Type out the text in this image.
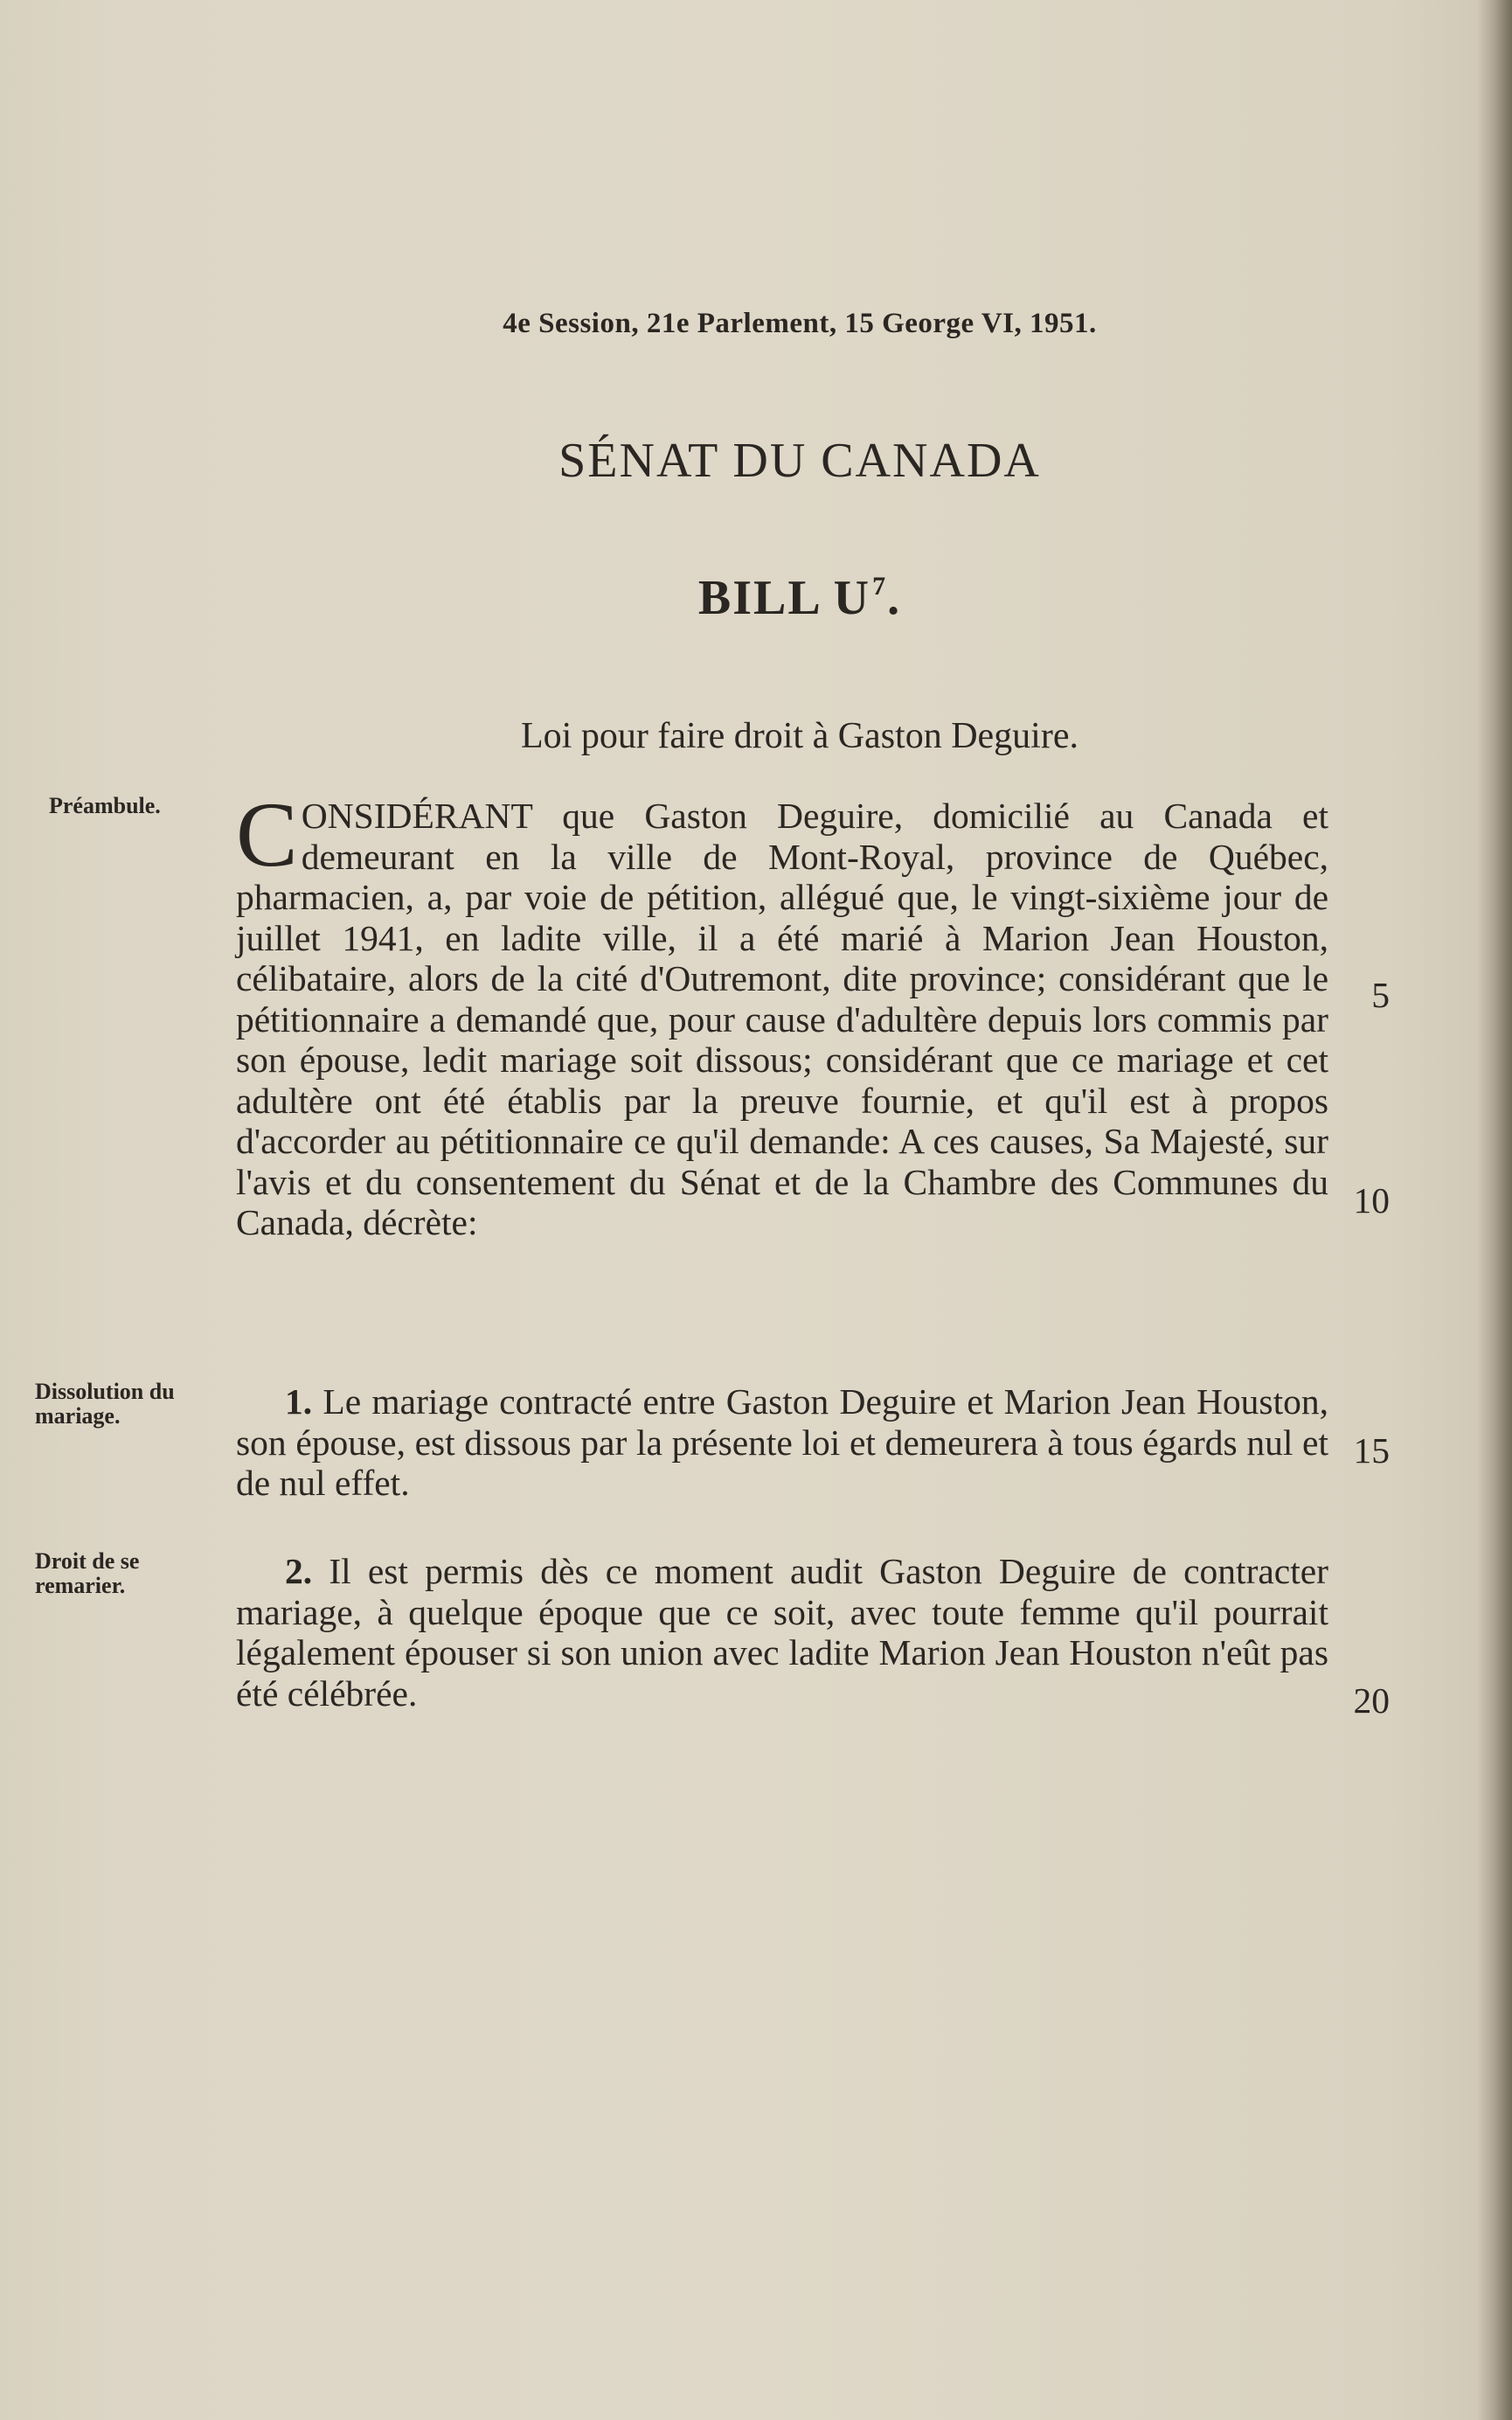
4e Session, 21e Parlement, 15 George VI, 1951.
SÉNAT DU CANADA
BILL $U^7$.
Loi pour faire droit à Gaston Deguire.
Préambule.
Dissolution du mariage.
Droit de se remarier.
CONSIDÉRANT que Gaston Deguire, domicilié au Canada et demeurant en la ville de Mont-Royal, province de Québec, pharmacien, a, par voie de pétition, allégué que, le vingt-sixième jour de juillet 1941, en ladite ville, il a été marié à Marion Jean Houston, célibataire, alors de la cité d'Outremont, dite province; considérant que le pétitionnaire a demandé que, pour cause d'adultère depuis lors commis par son épouse, ledit mariage soit dissous; considérant que ce mariage et cet adultère ont été établis par la preuve fournie, et qu'il est à propos d'accorder au pétitionnaire ce qu'il demande: A ces causes, Sa Majesté, sur l'avis et du consentement du Sénat et de la Chambre des Communes du Canada, décrète:
1. Le mariage contracté entre Gaston Deguire et Marion Jean Houston, son épouse, est dissous par la présente loi et demeurera à tous égards nul et de nul effet.
2. Il est permis dès ce moment audit Gaston Deguire de contracter mariage, à quelque époque que ce soit, avec toute femme qu'il pourrait légalement épouser si son union avec ladite Marion Jean Houston n'eût pas été célébrée.
5
10
15
20
